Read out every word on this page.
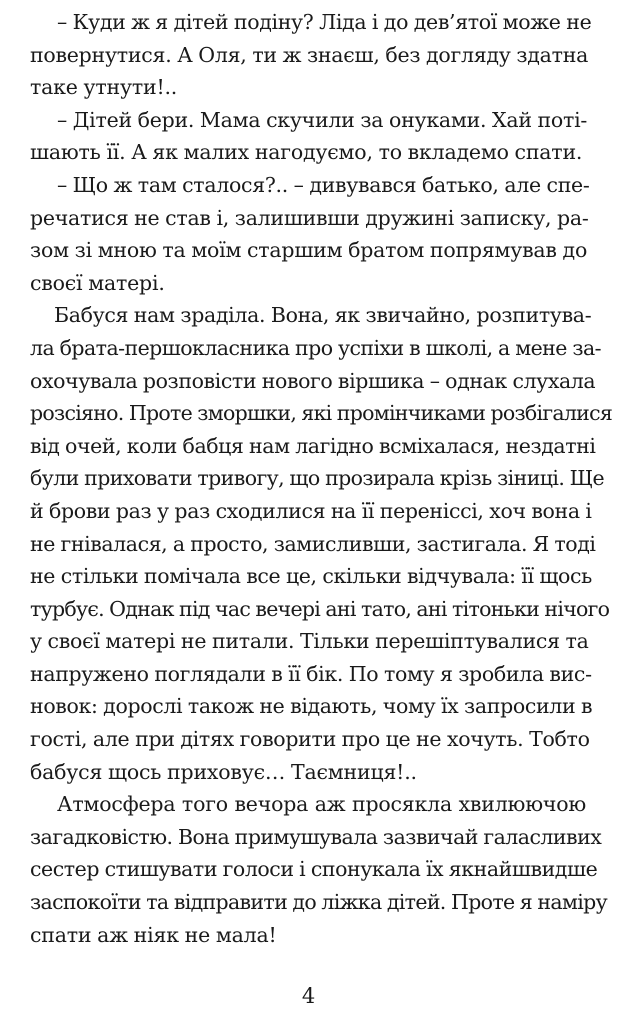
– Куди ж я дітей подіну? Ліда і до дев’ятої може не
повернутися. А Оля, ти ж знаєш, без догляду здатна
таке утнути!..

– Дітей бери. Мама скучили за онуками. Хай поті-
шають її. А як малих нагодуємо, то вкладемо спати.

– Що ж там сталося?.. – дивувався батько, але спе-
речатися не став і, залишивши дружині записку, ра-
зом зі мною та моїм старшим братом попрямував до
своєї матері.

Бабуся нам зраділа. Вона, як звичайно, розпитува-
ла брата-першокласника про успіхи в школі, а мене за-
охочувала розповісти нового віршика – однак слухала
розсіяно. Проте зморшки, які промінчиками розбігалися
від очей, коли бабця нам лагідно всміхалася, нездатні
були приховати тривогу, що прозирала крізь зіниці. Ще
й брови раз у раз сходилися на її переніссі, хоч вона і
не гнівалася, а просто, замисливши, застигала. Я тоді
не стільки помічала все це, скільки відчувала: її щось
турбує. Однак під час вечері ані тато, ані тітоньки нічого
у своєї матері не питали. Тільки перешіптувалися та
напружено поглядали в її бік. По тому я зробила вис-
новок: дорослі також не відають, чому їх запросили в
гості, але при дітях говорити про це не хочуть. Тобто
бабуся щось приховує… Таємниця!..

Атмосфера того вечора аж просякла хвилюючою
загадковістю. Вона примушувала зазвичай галасливих
сестер стишувати голоси і спонукала їх якнайшвидше
заспокоїти та відправити до ліжка дітей. Проте я наміру
спати аж ніяк не мала!

4
